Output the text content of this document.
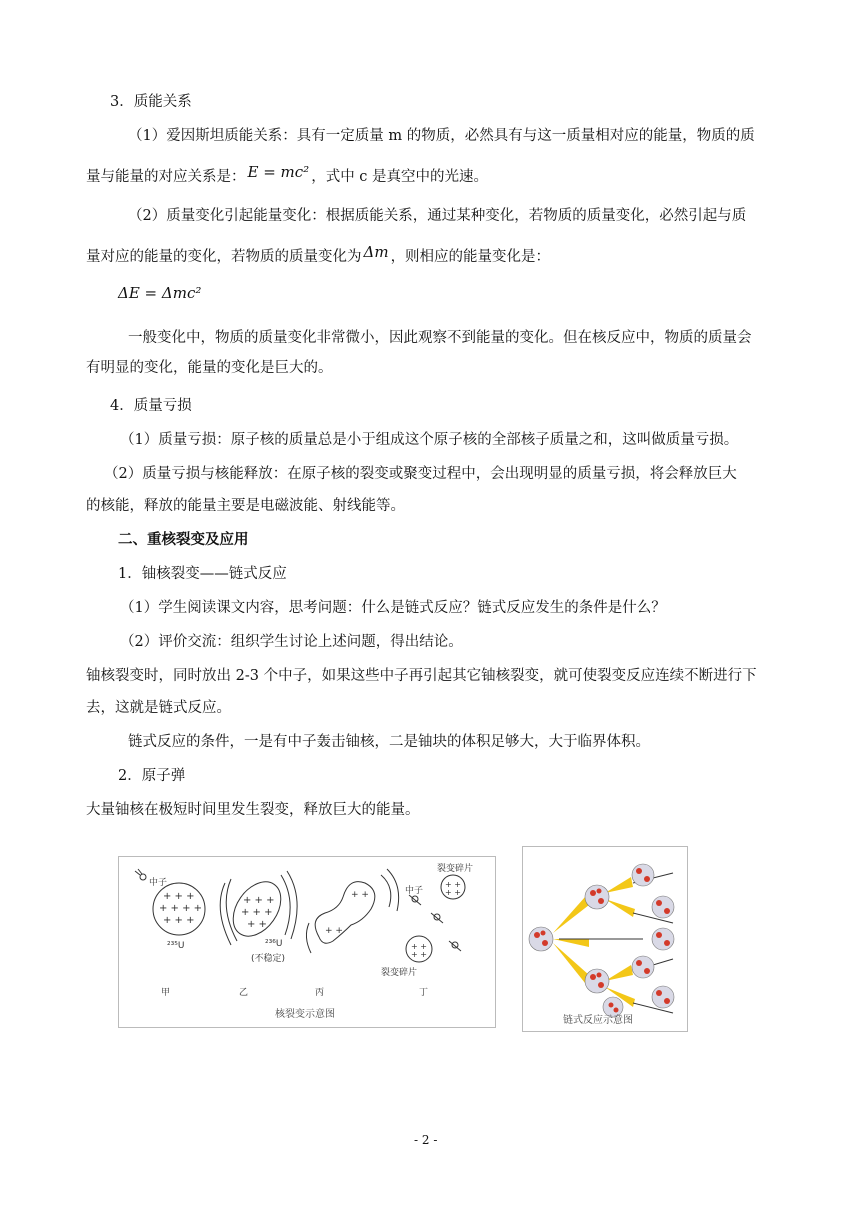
3．质能关系
（1）爱因斯坦质能关系：具有一定质量 m 的物质，必然具有与这一质量相对应的能量，物质的质
量与能量的对应关系是： E = mc² ，式中 c 是真空中的光速。
（2）质量变化引起能量变化：根据质能关系，通过某种变化，若物质的质量变化，必然引起与质
量对应的能量的变化，若物质的质量变化为 Δm ，则相应的能量变化是：
ΔE = Δmc²
一般变化中，物质的质量变化非常微小，因此观察不到能量的变化。但在核反应中，物质的质量会
有明显的变化，能量的变化是巨大的。
4．质量亏损
（1）质量亏损：原子核的质量总是小于组成这个原子核的全部核子质量之和，这叫做质量亏损。
（2）质量亏损与核能释放：在原子核的裂变或聚变过程中，会出现明显的质量亏损，将会释放巨大
的核能，释放的能量主要是电磁波能、射线能等。
二、重核裂变及应用
1．铀核裂变——链式反应
（1）学生阅读课文内容，思考问题：什么是链式反应？链式反应发生的条件是什么？
（2）评价交流：组织学生讨论上述问题，得出结论。
铀核裂变时，同时放出 2-3 个中子，如果这些中子再引起其它铀核裂变，就可使裂变反应连续不断进行下
去，这就是链式反应。
链式反应的条件，一是有中子轰击铀核，二是铀块的体积足够大，大于临界体积。
2．原子弹
大量铀核在极短时间里发生裂变，释放巨大的能量。
+ + +
+ + + +
+ + +
+ + +
+ + +
+ +
+ +
+ +
+ +
+ +
+ +
+ +
中子
²³⁵U	²³⁶U
(不稳定)
中子
裂变碎片
裂变碎片
甲	乙	丙	丁
核裂变示意图
链式反应示意图
- 2 -
